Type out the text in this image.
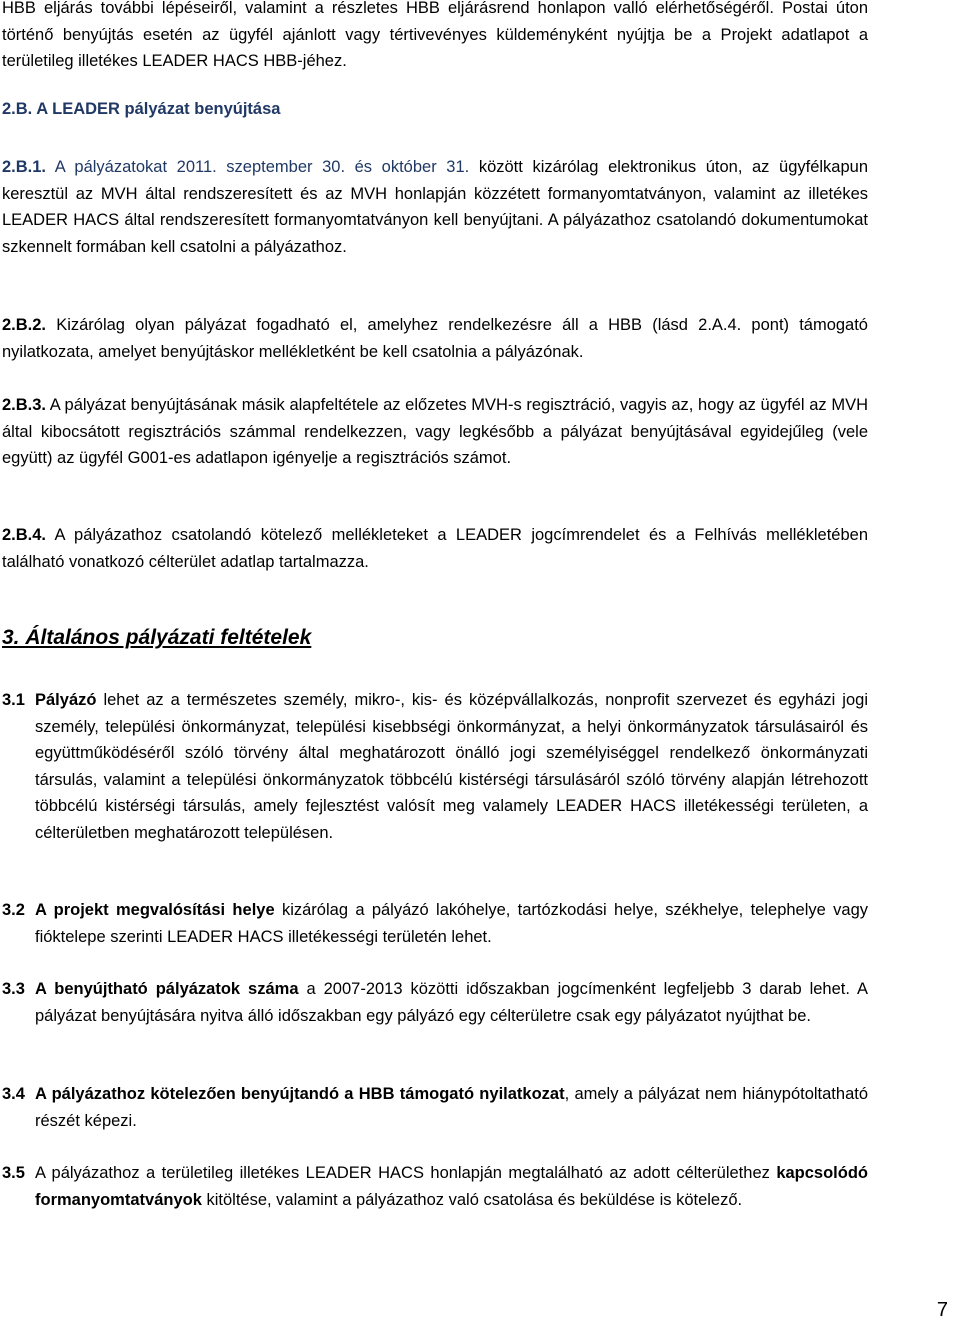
HBB eljárás további lépéseiről, valamint a részletes HBB eljárásrend honlapon valló elérhetőségéről. Postai úton történő benyújtás esetén az ügyfél ajánlott vagy tértivevényes küldeményként nyújtja be a Projekt adatlapot a területileg illetékes LEADER HACS HBB-jéhez.

2.B. A LEADER pályázat benyújtása

2.B.1. A pályázatokat 2011. szeptember 30. és október 31. között kizárólag elektronikus úton, az ügyfélkapun keresztül az MVH által rendszeresített és az MVH honlapján közzétett formanyomtatványon, valamint az illetékes LEADER HACS által rendszeresített formanyomtatványon kell benyújtani. A pályázathoz csatolandó dokumentumokat szkennelt formában kell csatolni a pályázathoz.

2.B.2. Kizárólag olyan pályázat fogadható el, amelyhez rendelkezésre áll a HBB (lásd 2.A.4. pont) támogató nyilatkozata, amelyet benyújtáskor mellékletként be kell csatolnia a pályázónak.

2.B.3. A pályázat benyújtásának másik alapfeltétele az előzetes MVH-s regisztráció, vagyis az, hogy az ügyfél az MVH által kibocsátott regisztrációs számmal rendelkezzen, vagy legkésőbb a pályázat benyújtásával egyidejűleg (vele együtt) az ügyfél G001-es adatlapon igényelje a regisztrációs számot.

2.B.4. A pályázathoz csatolandó kötelező mellékleteket a LEADER jogcímrendelet és a Felhívás mellékletében található vonatkozó célterület adatlap tartalmazza.

3. Általános pályázati feltételek
3.1 Pályázó lehet az a természetes személy, mikro-, kis- és középvállalkozás, nonprofit szervezet és egyházi jogi személy, települési önkormányzat, települési kisebbségi önkormányzat, a helyi önkormányzatok társulásairól és együttműködéséről szóló törvény által meghatározott önálló jogi személyiséggel rendelkező önkormányzati társulás, valamint a települési önkormányzatok többcélú kistérségi társulásáról szóló törvény alapján létrehozott többcélú kistérségi társulás, amely fejlesztést valósít meg valamely LEADER HACS illetékességi területen, a célterületben meghatározott településen.
3.2 A projekt megvalósítási helye kizárólag a pályázó lakóhelye, tartózkodási helye, székhelye, telephelye vagy fióktelepe szerinti LEADER HACS illetékességi területén lehet.
3.3 A benyújtható pályázatok száma a 2007-2013 közötti időszakban jogcímenként legfeljebb 3 darab lehet. A pályázat benyújtására nyitva álló időszakban egy pályázó egy célterületre csak egy pályázatot nyújthat be.
3.4 A pályázathoz kötelezően benyújtandó a HBB támogató nyilatkozat, amely a pályázat nem hiánypótoltatható részét képezi.
3.5 A pályázathoz a területileg illetékes LEADER HACS honlapján megtalálható az adott célterülethez kapcsolódó formanyomtatványok kitöltése, valamint a pályázathoz való csatolása és beküldése is kötelező.
7
